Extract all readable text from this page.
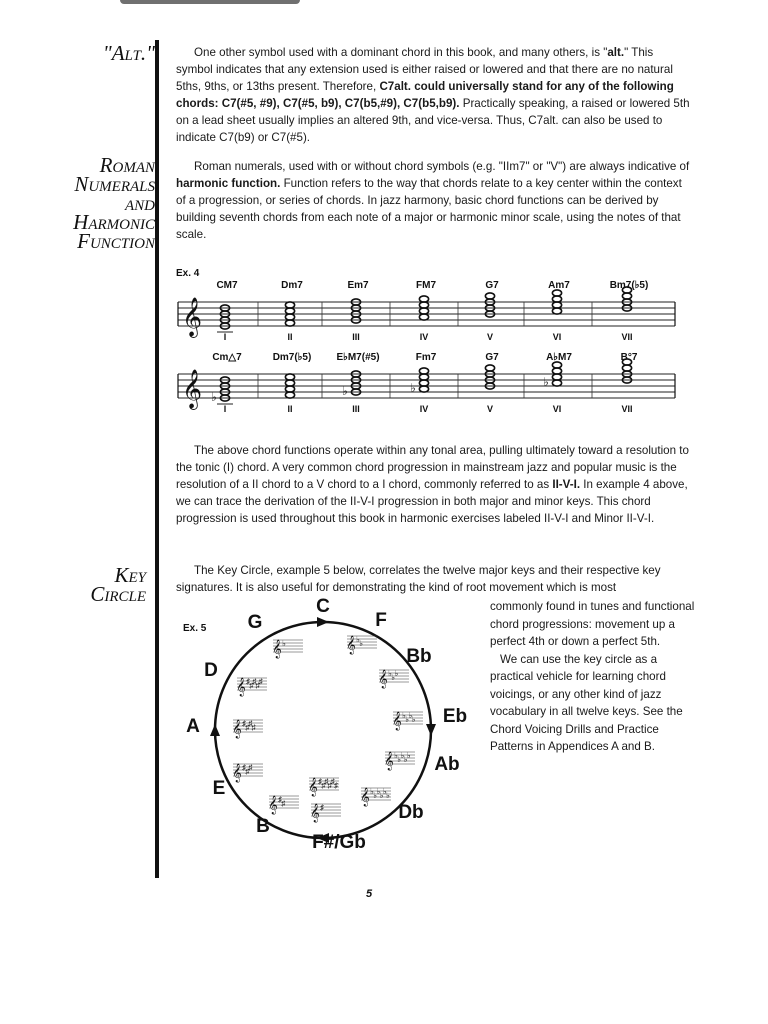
"Alt."
Roman
Numerals
and
Harmonic
Function
Key
Circle

One other symbol used with a dominant chord in this book, and many others, is "alt." This symbol indicates that any extension used is either raised or lowered and that there are no natural 5ths, 9ths, or 13ths present. Therefore, C7alt. could universally stand for any of the following chords: C7(#5, #9), C7(#5, b9), C7(b5,#9), C7(b5,b9). Practically speaking, a raised or lowered 5th on a lead sheet usually implies an altered 9th, and vice-versa. Thus, C7alt. can also be used to indicate C7(b9) or C7(#5).

Roman numerals, used with or without chord symbols (e.g. "IIm7" or "V") are always indicative of harmonic function. Function refers to the way that chords relate to a key center within the context of a progression, or series of chords. In jazz harmony, basic chord functions can be derived by building seventh chords from each note of a major or harmonic minor scale, using the notes of that scale.

Ex. 4
𝄞
CM7	Dm7	Em7	FM7	G7	Am7	Bm7(♭5)
I	II	III	IV	V	VI	VII
𝄞 ♭	♭	♭	♭
Cm△7	Dm7(♭5)	E♭M7(#5)	Fm7	G7	A♭M7	B°7
I	II	III	IV	V	VI	VII

The above chord functions operate within any tonal area, pulling ultimately toward a resolution to the tonic (I) chord. A very common chord progression in mainstream jazz and popular music is the resolution of a II chord to a V chord to a I chord, commonly referred to as II-V-I. In example 4 above, we can trace the derivation of the II-V-I progression in both major and minor keys. This chord progression is used throughout this book in harmonic exercises labeled II-V-I and Minor II-V-I.

The Key Circle, example 5 below, correlates the twelve major keys and their respective key signatures. It is also useful for demonstrating the kind of root movement which is most

Ex. 5
C
F
Bb
Eb
Ab
Db
F#/Gb
B
E
A
D
G
𝄞 ♭	𝄞 ♭ ♭
𝄞 ♭ ♭ ♭
𝄞 ♭ ♭ ♭ ♭
𝄞 ♭ ♭ ♭ ♭ ♭
𝄞 ♭ ♭ ♭ ♭ ♭ ♭
𝄞 ♯
𝄞 ♯ ♯
𝄞 ♯ ♯ ♯
𝄞 ♯ ♯ ♯ ♯
𝄞 ♯ ♯ ♯ ♯ ♯
𝄞 ♯ ♯ ♯ ♯ ♯ ♯

commonly found in tunes and functional chord progressions: movement up a perfect 4th or down a perfect 5th.

We can use the key circle as a practical vehicle for learning chord voicings, or any other kind of jazz vocabulary in all twelve keys. See the Chord Voicing Drills and Practice Patterns in Appendices A and B.

5
